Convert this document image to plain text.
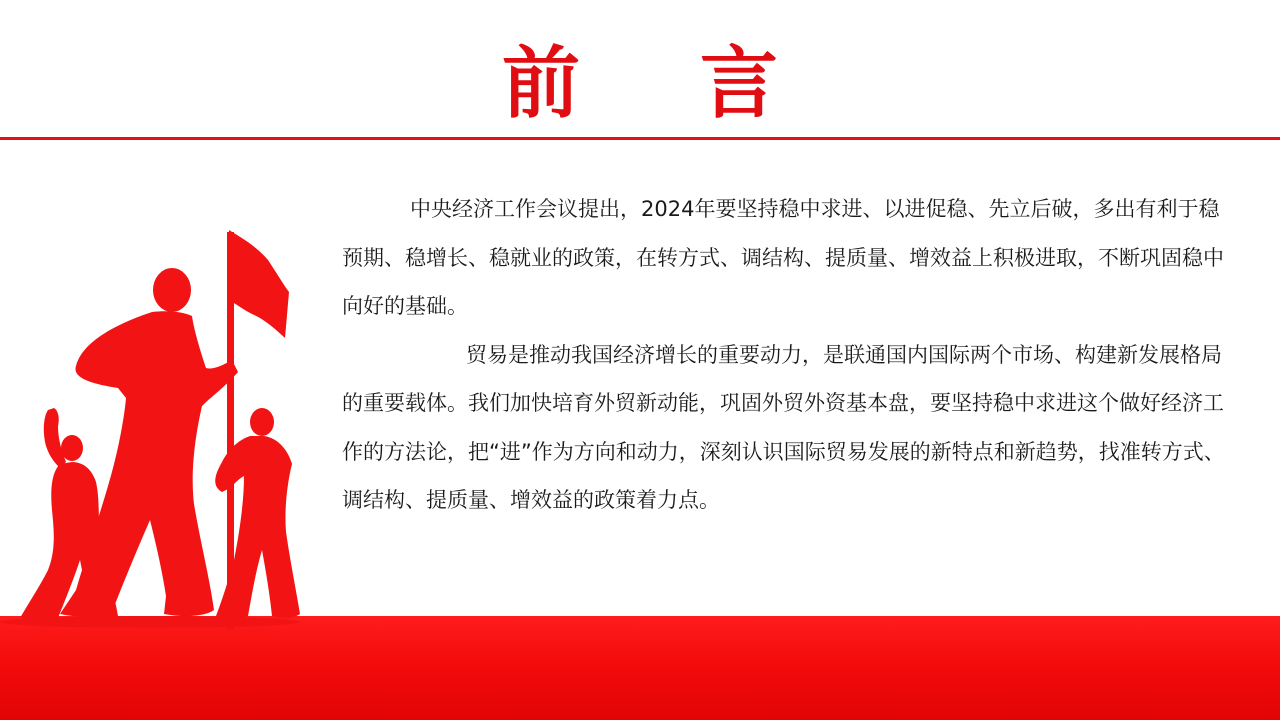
前 言

中央经济工作会议提出，2024年要坚持稳中求进、以进促稳、先立后破，多出有利于稳预期、稳增长、稳就业的政策，在转方式、调结构、提质量、增效益上积极进取，不断巩固稳中向好的基础。

贸易是推动我国经济增长的重要动力，是联通国内国际两个市场、构建新发展格局的重要载体。我们加快培育外贸新动能，巩固外贸外资基本盘，要坚持稳中求进这个做好经济工作的方法论，把“进”作为方向和动力，深刻认识国际贸易发展的新特点和新趋势，找准转方式、调结构、提质量、增效益的政策着力点。
